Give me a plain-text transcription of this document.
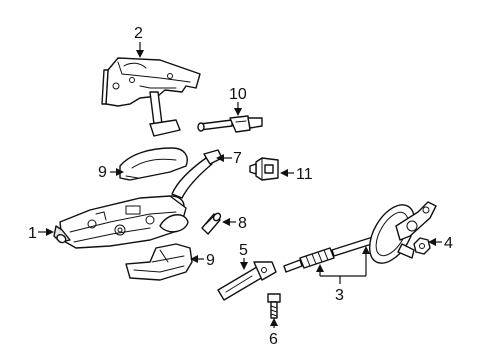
2
10
7
9	11
8
1
4
5
9
3
6
